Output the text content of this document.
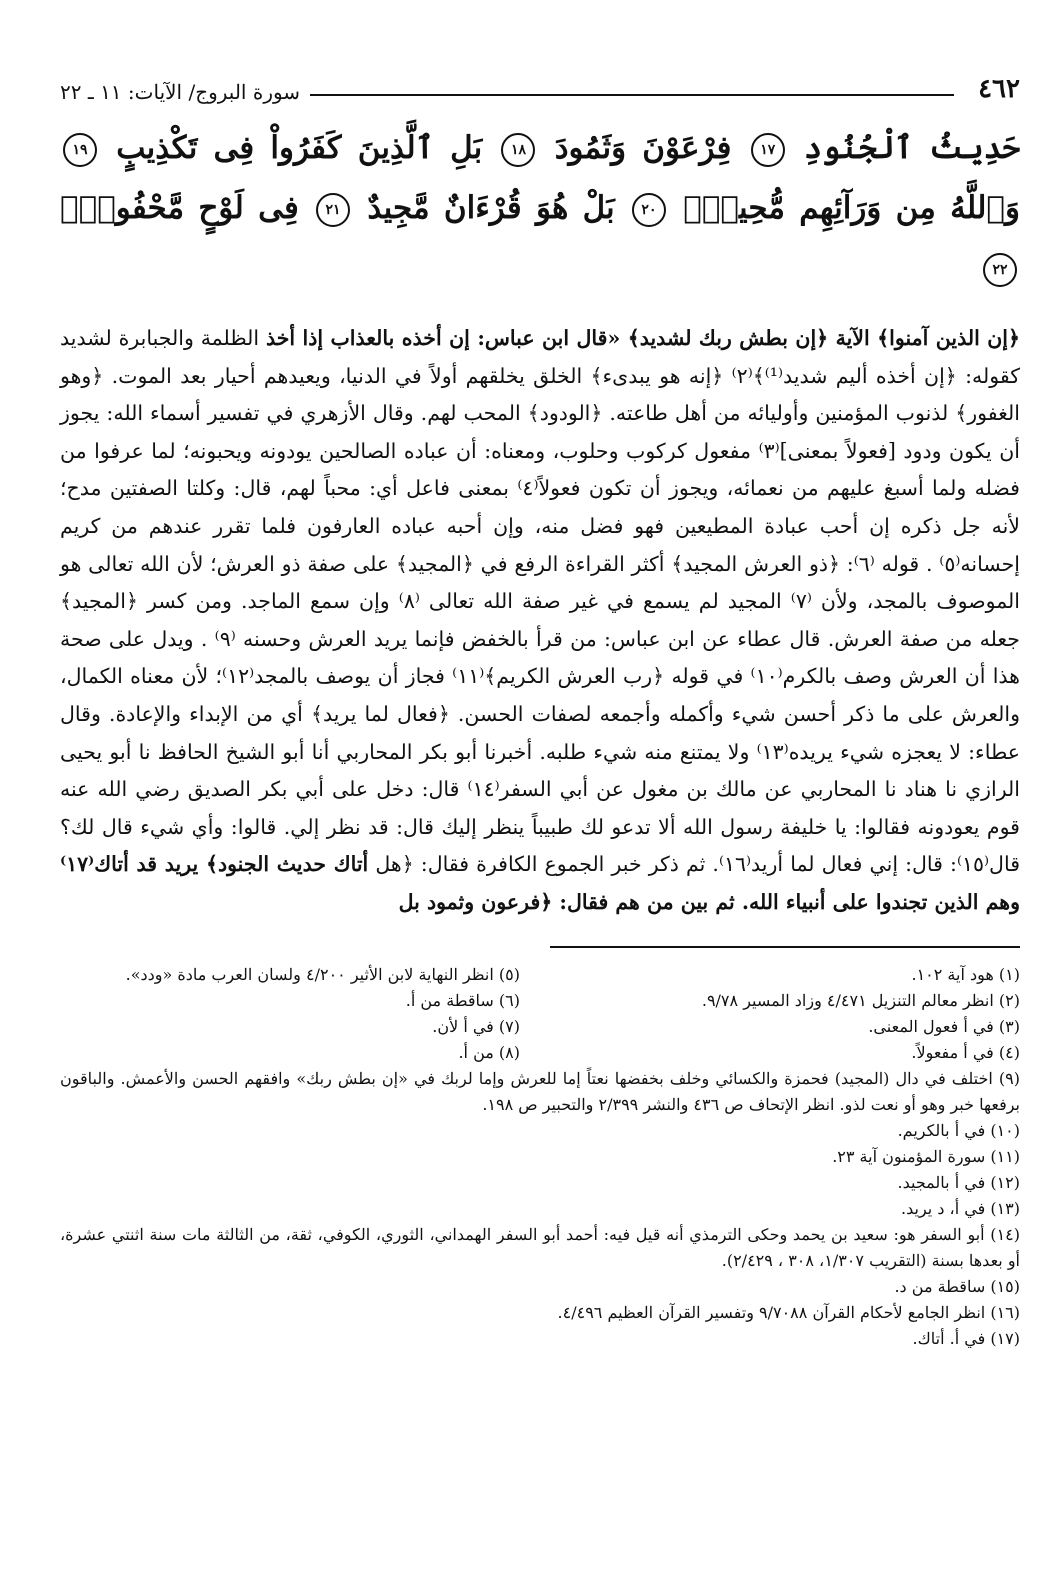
٤٦٢
سورة البروج/ الآيات: ١١ ـ ٢٢
حَدِيثُ ٱلْجُنُودِ ١٧ فِرْعَوْنَ وَثَمُودَ ١٨ بَلِ ٱلَّذِينَ كَفَرُواْ فِى تَكْذِيبٍ ١٩ وَٱللَّهُ مِن وَرَآئِهِم مُّحِيطٌۢ ٢٠ بَلْ هُوَ قُرْءَانٌ مَّجِيدٌ ٢١ فِى لَوْحٍ مَّحْفُوظٍۭ ٢٢
﴿إن الذين آمنوا﴾ الآية ﴿إن بطش ربك لشديد﴾ «قال ابن عباس: إن أخذه بالعذاب إذا أخذ الظلمة والجبابرة لشديد كقوله: ﴿إن أخذه أليم شديد⁽¹⁾﴾⁽٢⁾ ﴿إنه هو يبدىء﴾ الخلق يخلقهم أولاً في الدنيا، ويعيدهم أحيار بعد الموت. ﴿وهو الغفور﴾ لذنوب المؤمنين وأوليائه من أهل طاعته. ﴿الودود﴾ المحب لهم. وقال الأزهري في تفسير أسماء الله: يجوز أن يكون ودود [فعولاً بمعنى]⁽٣⁾ مفعول كركوب وحلوب، ومعناه: أن عباده الصالحين يودونه ويحبونه؛ لما عرفوا من فضله ولما أسبغ عليهم من نعمائه، ويجوز أن تكون فعولاً⁽٤⁾ بمعنى فاعل أي: محباً لهم، قال: وكلتا الصفتين مدح؛ لأنه جل ذكره إن أحب عبادة المطيعين فهو فضل منه، وإن أحبه عباده العارفون فلما تقرر عندهم من كريم إحسانه⁽٥⁾ . قوله ⁽٦⁾: ﴿ذو العرش المجيد﴾ أكثر القراءة الرفع في ﴿المجيد﴾ على صفة ذو العرش؛ لأن الله تعالى هو الموصوف بالمجد، ولأن ⁽٧⁾ المجيد لم يسمع في غير صفة الله تعالى ⁽٨⁾ وإن سمع الماجد. ومن كسر ﴿المجيد﴾ جعله من صفة العرش. قال عطاء عن ابن عباس: من قرأ بالخفض فإنما يريد العرش وحسنه ⁽٩⁾ . ويدل على صحة هذا أن العرش وصف بالكرم⁽١٠⁾ في قوله ﴿رب العرش الكريم﴾⁽١١⁾ فجاز أن يوصف بالمجد⁽١٢⁾؛ لأن معناه الكمال، والعرش على ما ذكر أحسن شيء وأكمله وأجمعه لصفات الحسن. ﴿فعال لما يريد﴾ أي من الإبداء والإعادة. وقال عطاء: لا يعجزه شيء يريده⁽١٣⁾ ولا يمتنع منه شيء طلبه. أخبرنا أبو بكر المحاربي أنا أبو الشيخ الحافظ نا أبو يحيى الرازي نا هناد نا المحاربي عن مالك بن مغول عن أبي السفر⁽١٤⁾ قال: دخل على أبي بكر الصديق رضي الله عنه قوم يعودونه فقالوا: يا خليفة رسول الله ألا تدعو لك طبيباً ينظر إليك قال: قد نظر إلي. قالوا: وأي شيء قال لك؟ قال⁽١٥⁾: قال: إني فعال لما أريد⁽١٦⁾. ثم ذكر خبر الجموع الكافرة فقال: ﴿هل أتاك حديث الجنود﴾ يريد قد أتاك⁽١٧⁾ وهم الذين تجندوا على أنبياء الله. ثم بين من هم فقال: ﴿فرعون وثمود بل
(١) هود آية ١٠٢.
(٥) انظر النهاية لابن الأثير ٤/٢٠٠ ولسان العرب مادة «ودد».
(٢) انظر معالم التنزيل ٤/٤٧١ وزاد المسير ٩/٧٨.
(٦) ساقطة من أ.
(٣) في أ فعول المعنى.
(٧) في أ لأن.
(٤) في أ مفعولاً.
(٨) من أ.
(٩) اختلف في دال (المجيد) فحمزة والكسائي وخلف بخفضها نعتاً إما للعرش وإما لربك في «إن بطش ربك» وافقهم الحسن والأعمش. والباقون برفعها خبر وهو أو نعت لذو. انظر الإتحاف ص ٤٣٦ والنشر ٢/٣٩٩ والتحبير ص ١٩٨.
(١٠) في أ بالكريم.
(١١) سورة المؤمنون آية ٢٣.
(١٢) في أ بالمجيد.
(١٣) في أ، د يريد.
(١٤) أبو السفر هو: سعيد بن يحمد وحكى الترمذي أنه قيل فيه: أحمد أبو السفر الهمداني، الثوري، الكوفي، ثقة، من الثالثة مات سنة اثنتي عشرة، أو بعدها بسنة (التقريب ١/٣٠٧، ٣٠٨ ، ٢/٤٢٩).
(١٥) ساقطة من د.
(١٦) انظر الجامع لأحكام القرآن ٩/٧٠٨٨ وتفسير القرآن العظيم ٤/٤٩٦.
(١٧) في أ. أتاك.
